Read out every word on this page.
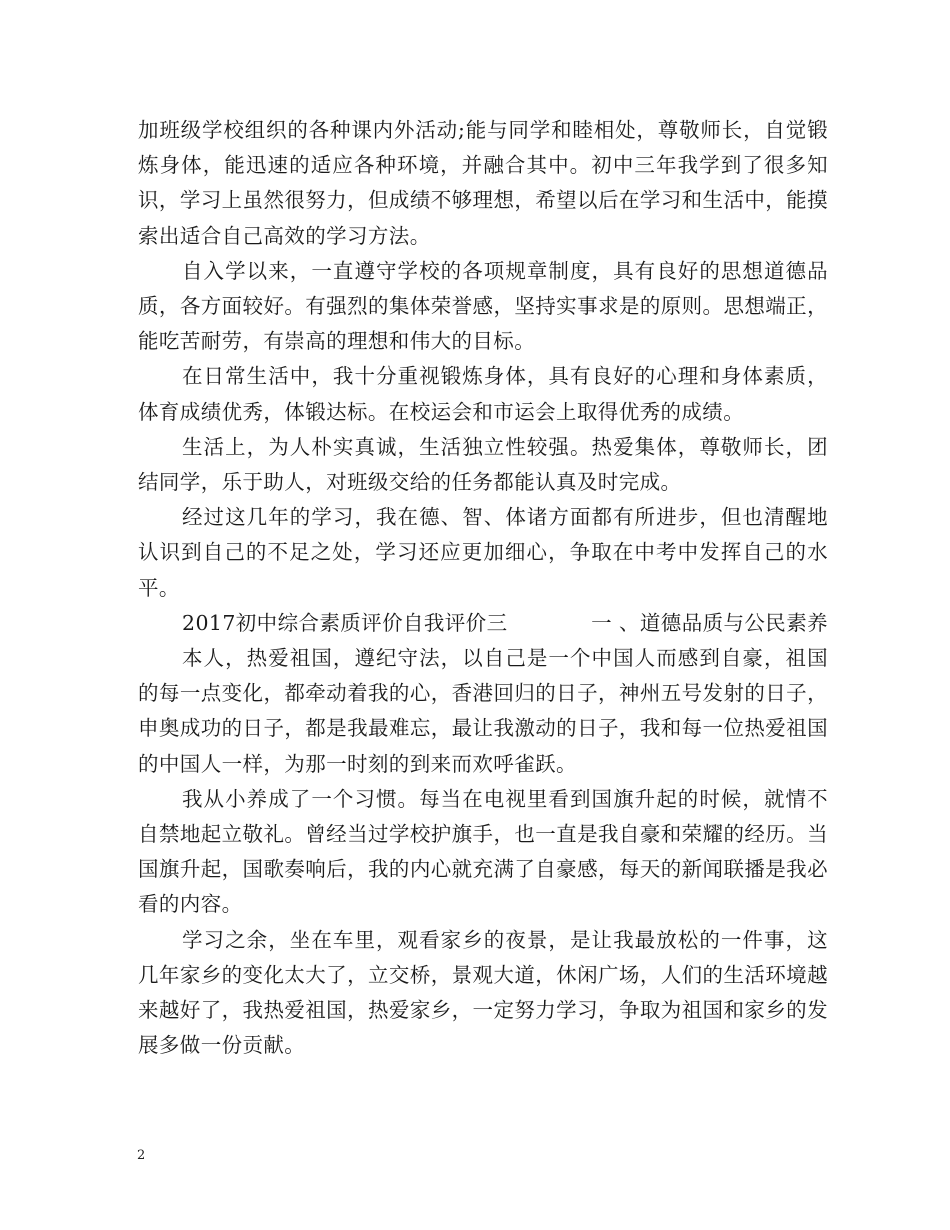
加班级学校组织的各种课内外活动;能与同学和睦相处，尊敬师长，自觉锻炼身体，能迅速的适应各种环境，并融合其中。初中三年我学到了很多知识，学习上虽然很努力，但成绩不够理想，希望以后在学习和生活中，能摸索出适合自己高效的学习方法。

自入学以来，一直遵守学校的各项规章制度，具有良好的思想道德品质，各方面较好。有强烈的集体荣誉感，坚持实事求是的原则。思想端正，能吃苦耐劳，有崇高的理想和伟大的目标。

在日常生活中，我十分重视锻炼身体，具有良好的心理和身体素质，体育成绩优秀，体锻达标。在校运会和市运会上取得优秀的成绩。

生活上，为人朴实真诚，生活独立性较强。热爱集体，尊敬师长，团结同学，乐于助人，对班级交给的任务都能认真及时完成。

经过这几年的学习，我在德、智、体诸方面都有所进步，但也清醒地认识到自己的不足之处，学习还应更加细心，争取在中考中发挥自己的水平。

2017初中综合素质评价自我评价三	一 、道德品质与公民素养

本人，热爱祖国，遵纪守法，以自己是一个中国人而感到自豪，祖国的每一点变化，都牵动着我的心，香港回归的日子，神州五号发射的日子，申奥成功的日子，都是我最难忘，最让我激动的日子，我和每一位热爱祖国的中国人一样，为那一时刻的到来而欢呼雀跃。

我从小养成了一个习惯。每当在电视里看到国旗升起的时候，就情不自禁地起立敬礼。曾经当过学校护旗手，也一直是我自豪和荣耀的经历。当国旗升起，国歌奏响后，我的内心就充满了自豪感，每天的新闻联播是我必看的内容。

学习之余，坐在车里，观看家乡的夜景，是让我最放松的一件事，这几年家乡的变化太大了，立交桥，景观大道，休闲广场，人们的生活环境越来越好了，我热爱祖国，热爱家乡，一定努力学习，争取为祖国和家乡的发展多做一份贡献。

2
